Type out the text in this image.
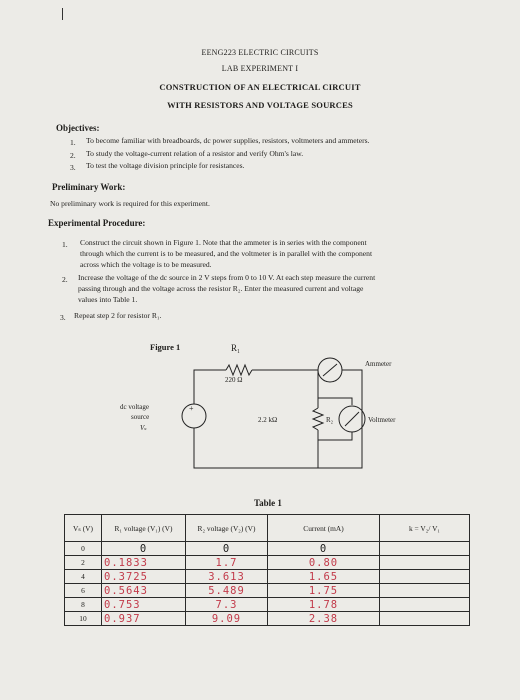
EENG223 ELECTRIC CIRCUITS
LAB EXPERIMENT I
CONSTRUCTION OF AN ELECTRICAL CIRCUIT
WITH RESISTORS AND VOLTAGE SOURCES
Objectives:
1. To become familiar with breadboards, dc power supplies, resistors, voltmeters and ammeters.
2. To study the voltage-current relation of a resistor and verify Ohm's law.
3. To test the voltage division principle for resistances.
Preliminary Work:
No preliminary work is required for this experiment.
Experimental Procedure:
1. Construct the circuit shown in Figure 1. Note that the ammeter is in series with the component
through which the current is to be measured, and the voltmeter is in parallel with the component
across which the voltage is to be measured.
2. Increase the voltage of the dc source in 2 V steps from 0 to 10 V. At each step measure the current
passing through and the voltage across the resistor R₂. Enter the measured current and voltage
values into Table 1.
3. Repeat step 2 for resistor R₁.
Figure 1
+
R₁
220 Ω
Ammeter
2.2 kΩ	R₂	Voltmeter
dc voltage
source
Vₛ
Table 1
Vₛ (V)	R₁ voltage (V₁) (V)	R₂ voltage (V₂) (V)	Current (mA)	k = V₂/ V₁
0	0	0	0	
2	0.1833	1.7	0.80	
4	0.3725	3.613	1.65	
6	0.5643	5.489	1.75	
8	0.753	7.3	1.78	
10	0.937	9.09	2.38	
